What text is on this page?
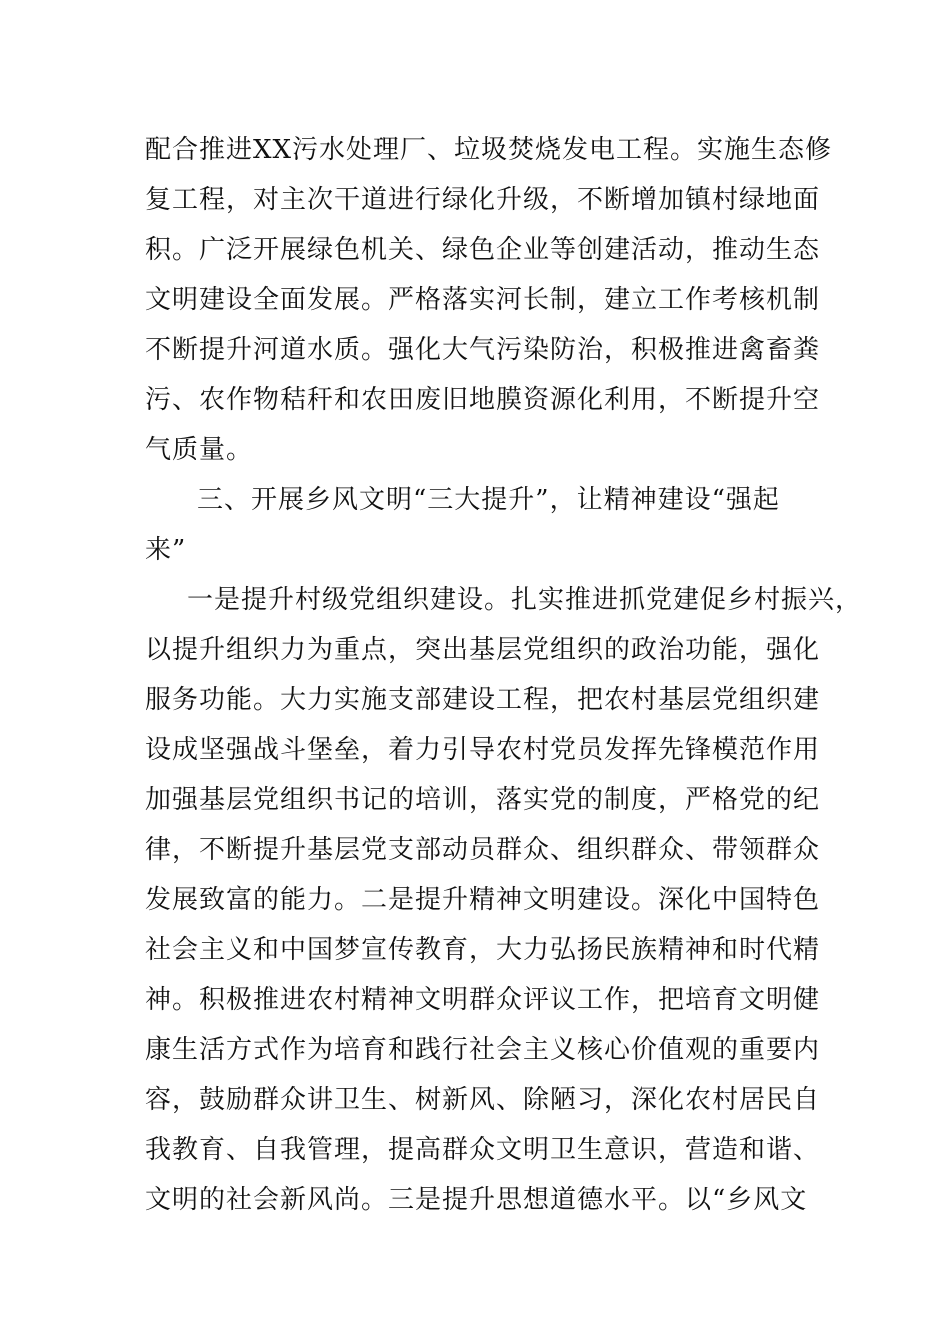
配合推进XX污水处理厂、垃圾焚烧发电工程。实施生态修
复工程，对主次干道进行绿化升级，不断增加镇村绿地面
积。广泛开展绿色机关、绿色企业等创建活动，推动生态
文明建设全面发展。严格落实河长制，建立工作考核机制
不断提升河道水质。强化大气污染防治，积极推进禽畜粪
污、农作物秸秆和农田废旧地膜资源化利用，不断提升空
气质量。
三、开展乡风文明“三大提升”，让精神建设“强起
来”
一是提升村级党组织建设。扎实推进抓党建促乡村振兴，
以提升组织力为重点，突出基层党组织的政治功能，强化
服务功能。大力实施支部建设工程，把农村基层党组织建
设成坚强战斗堡垒，着力引导农村党员发挥先锋模范作用
加强基层党组织书记的培训，落实党的制度，严格党的纪
律，不断提升基层党支部动员群众、组织群众、带领群众
发展致富的能力。二是提升精神文明建设。深化中国特色
社会主义和中国梦宣传教育，大力弘扬民族精神和时代精
神。积极推进农村精神文明群众评议工作，把培育文明健
康生活方式作为培育和践行社会主义核心价值观的重要内
容，鼓励群众讲卫生、树新风、除陋习，深化农村居民自
我教育、自我管理，提高群众文明卫生意识，营造和谐、
文明的社会新风尚。三是提升思想道德水平。以“乡风文
